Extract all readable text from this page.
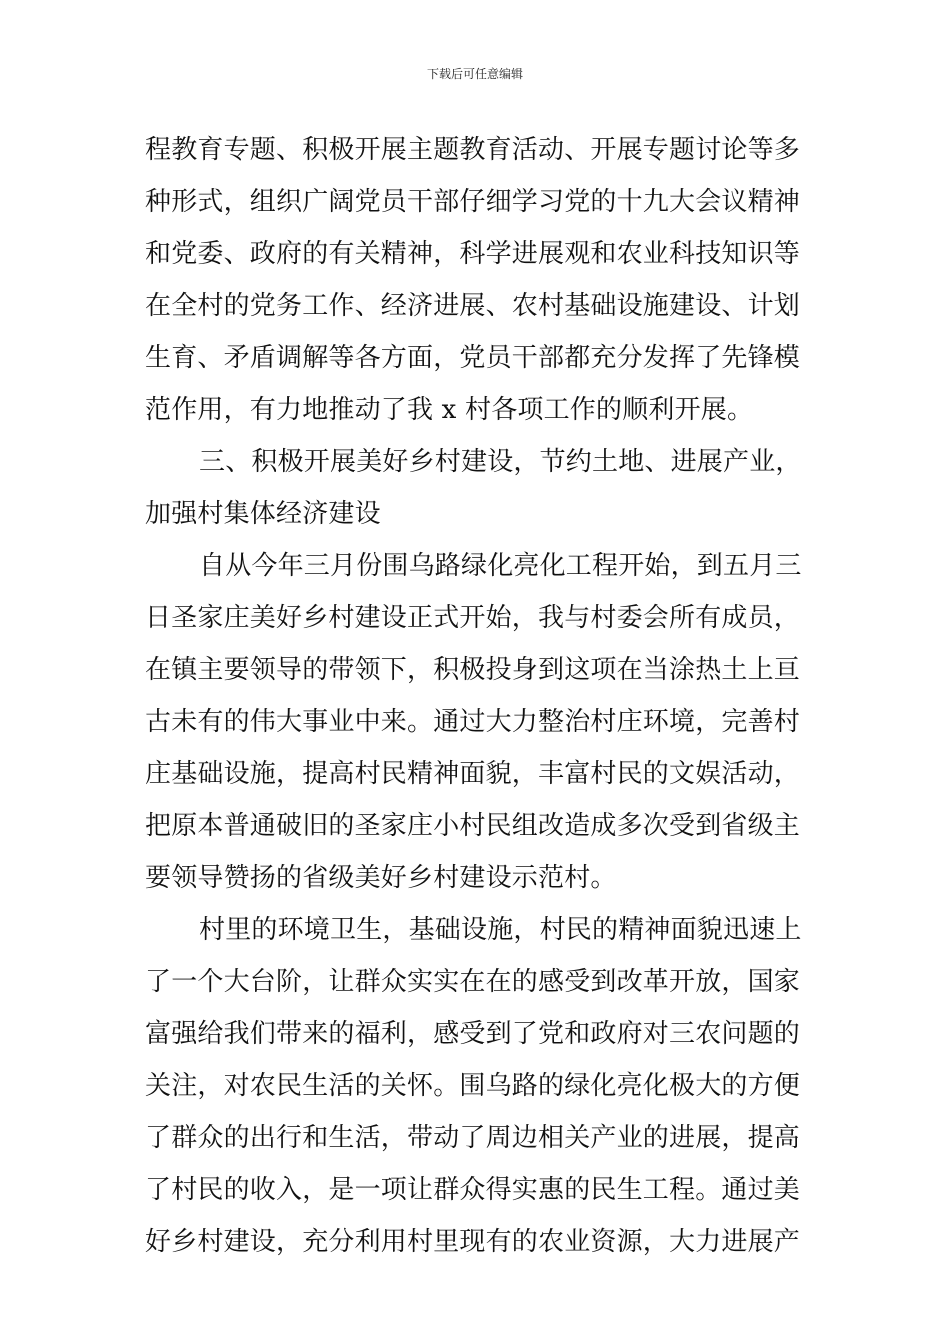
下载后可任意编辑
程教育专题、积极开展主题教育活动、开展专题讨论等多
种形式，组织广阔党员干部仔细学习党的十九大会议精神
和党委、政府的有关精神，科学进展观和农业科技知识等
在全村的党务工作、经济进展、农村基础设施建设、计划
生育、矛盾调解等各方面，党员干部都充分发挥了先锋模
范作用，有力地推动了我 x 村各项工作的顺利开展。
三、积极开展美好乡村建设，节约土地、进展产业，
加强村集体经济建设
自从今年三月份围乌路绿化亮化工程开始，到五月三
日圣家庄美好乡村建设正式开始，我与村委会所有成员，
在镇主要领导的带领下，积极投身到这项在当涂热土上亘
古未有的伟大事业中来。通过大力整治村庄环境，完善村
庄基础设施，提高村民精神面貌，丰富村民的文娱活动，
把原本普通破旧的圣家庄小村民组改造成多次受到省级主
要领导赞扬的省级美好乡村建设示范村。
村里的环境卫生，基础设施，村民的精神面貌迅速上
了一个大台阶，让群众实实在在的感受到改革开放，国家
富强给我们带来的福利，感受到了党和政府对三农问题的
关注，对农民生活的关怀。围乌路的绿化亮化极大的方便
了群众的出行和生活，带动了周边相关产业的进展，提高
了村民的收入，是一项让群众得实惠的民生工程。通过美
好乡村建设，充分利用村里现有的农业资源，大力进展产
